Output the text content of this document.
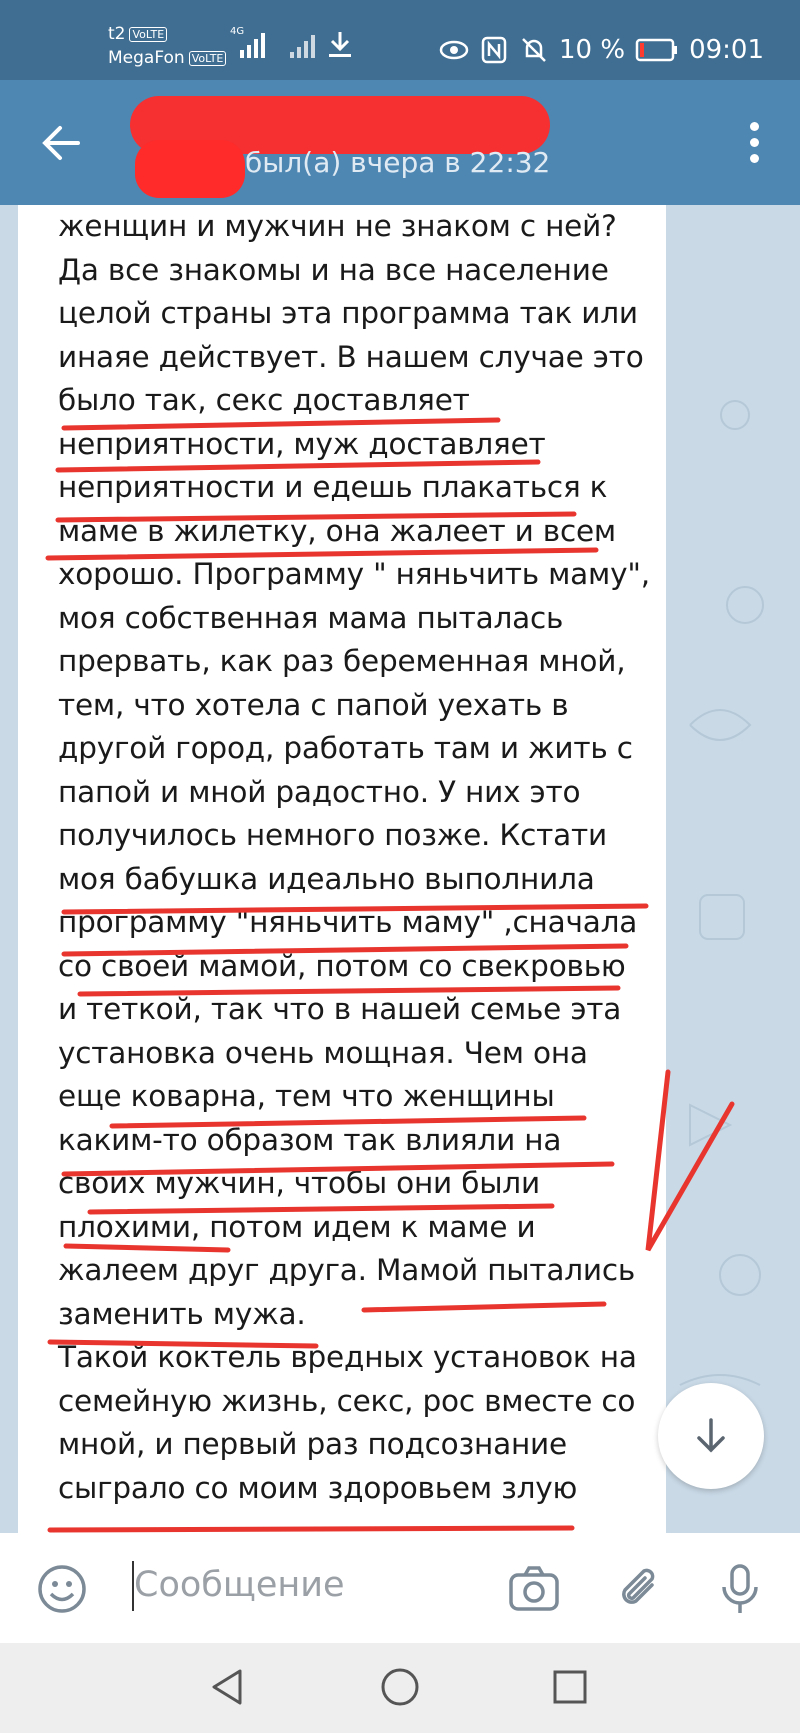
t2 VoLTE
MegaFon VoLTE
4G
10 % 09:01
был(а) вчера в 22:32
женщин и мужчин не знаком с ней?
Да все знакомы и на все население
целой страны эта программа так или
инаяе действует. В нашем случае это
было так, секс доставляет
неприятности, муж доставляет
неприятности и едешь плакаться к
маме в жилетку, она жалеет и всем
хорошо. Программу " няньчить маму",
моя собственная мама пыталась
прервать, как раз беременная мной,
тем, что хотела с папой уехать в
другой город, работать там и жить с
папой и мной радостно. У них это
получилось немного позже. Кстати
моя бабушка идеально выполнила
программу "няньчить маму" ,сначала
со своей мамой, потом со свекровью
и теткой, так что в нашей семье эта
установка очень мощная. Чем она
еще коварна, тем что женщины
каким-то образом так влияли на
своих мужчин, чтобы они были
плохими, потом идем к маме и
жалеем друг друга. Мамой пытались
заменить мужа.
Такой коктель вредных установок на
семейную жизнь, секс, рос вместе со
мной, и первый раз подсознание
сыграло со моим здоровьем злую
Сообщение
